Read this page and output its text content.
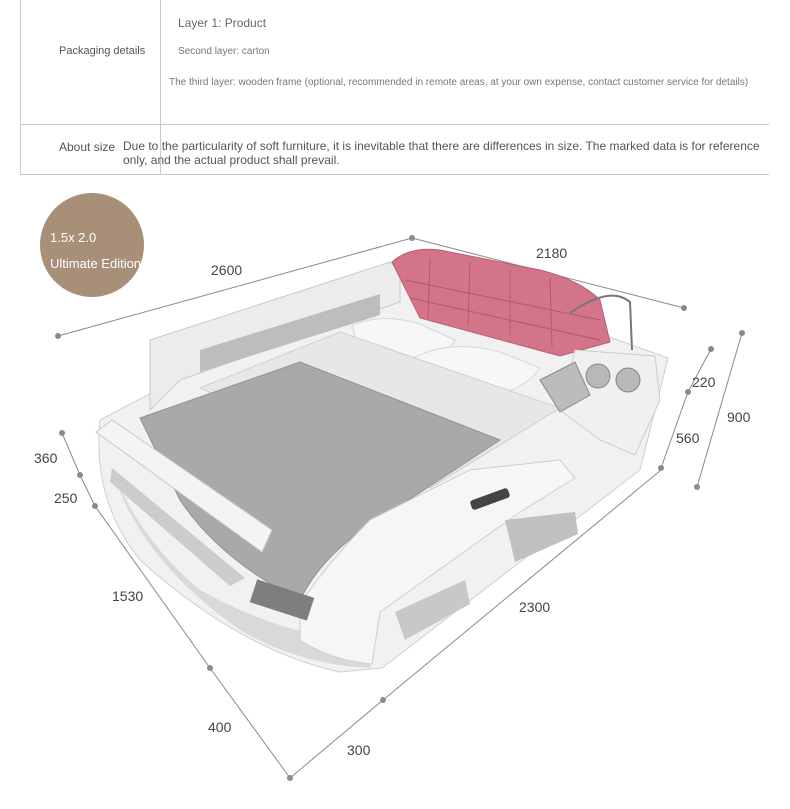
Packaging details
Layer 1: Product
Second layer: carton
The third layer: wooden frame (optional, recommended in remote areas, at your own expense, contact customer service for details)
About size Due to the particularity of soft furniture, it is inevitable that there are differences in size. The marked data is for reference only, and the actual product shall prevail.
1.5x 2.0 Ultimate Edition	2600
2180
220
560
900
360
250
1530
400
300
2300
